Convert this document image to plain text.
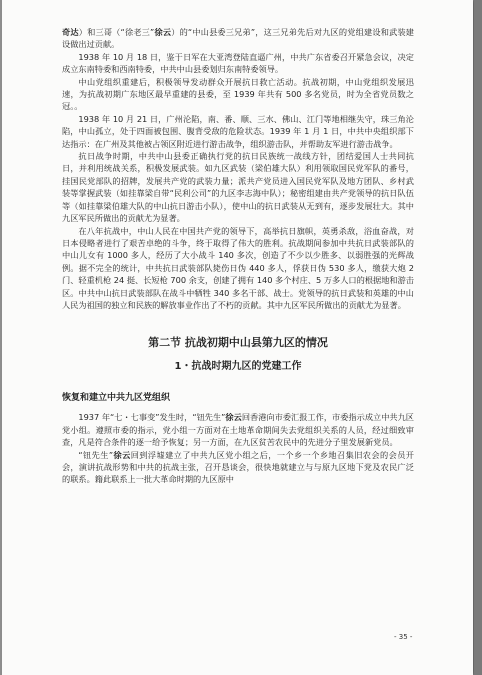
奇达）和三哥（“徐老三”徐云）的“中山县委三兄弟”，这三兄弟先后对九区的党组建设和武装建设做出过贡献。

1938 年 10 月 18 日，鉴于日军在大亚湾登陆直逼广州，中共广东省委召开紧急会议，决定成立东南特委和西南特委，中共中山县委划归东南特委领导。

中山党组织重建后，积极领导发动群众开展抗日救亡活动。抗战初期，中山党组织发展迅速，为抗战初期广东地区最早重建的县委，至 1939 年共有 500 多名党员，时为全省党员数之冠。。

1938 年 10 月 21 日，广州沦陷，南、番、顺、三水、佛山、江门等地相继失守，珠三角沦陷，中山孤立，处于四面被包围、腹背受敌的危险状态。1939 年 1 月 1 日，中共中央组织部下达指示：在广州及其他被占领区附近进行游击战争，组织游击队，并帮助友军进行游击战争。

抗日战争时期，中共中山县委正确执行党的抗日民族统一战线方针，团结爱国人士共同抗日，并利用统战关系，积极发展武装。如九区武装（梁伯雄大队）利用领取国民党军队的番号，挂国民党部队的招牌，发展共产党的武装力量；派共产党员进入国民党军队及地方团队、乡村武装等掌握武装（如挂靠梁自带“民利公司”的九区李志海中队）；秘密组建由共产党领导的抗日队伍等（如挂靠梁伯雄大队的中山抗日游击小队），使中山的抗日武装从无到有，逐步发展壮大。其中九区军民所做出的贡献尤为显著。

在八年抗战中，中山人民在中国共产党的领导下，高举抗日旗帜，英勇杀敌，浴血奋战，对日本侵略者进行了艰苦卓绝的斗争，终于取得了伟大的胜利。抗战期间参加中共抗日武装部队的中山儿女有 1000 多人，经历了大小战斗 140 多次，创造了不少以少胜多、以弱胜强的光辉战例。据不完全的统计，中共抗日武装部队毙伤日伪 440 多人，俘获日伪 530 多人，缴获大炮 2 门、轻重机枪 24 挺、长短枪 700 余支，创建了拥有 140 多个村庄、5 万多人口的根据地和游击区。中共中山抗日武装部队在战斗中牺牲 340 多名干部、战士。党领导的抗日武装和英雄的中山人民为祖国的独立和民族的解放事业作出了不朽的贡献。其中九区军民所做出的贡献尤为显著。

第二节 抗战初期中山县第九区的情况
1・抗战时期九区的党建工作
恢复和建立中共九区党组织

1937 年“七・七事变”发生时，“钮先生”徐云回香港向市委汇报工作，市委指示成立中共九区党小组。遵照市委的指示，党小组一方面对在土地革命期间失去党组织关系的人员，经过细致审查，凡是符合条件的逐一给予恢复；另一方面，在九区贫苦农民中的先进分子里发展新党员。

“钮先生”徐云回到浮墟建立了中共九区党小组之后，一个乡一个乡地召集旧农会的会员开会，演讲抗战形势和中共的抗战主张，召开恳谈会，很快地就建立与与原九区地下党及农民广泛的联系。籍此联系上一批大革命时期的九区原中

- 35 -
